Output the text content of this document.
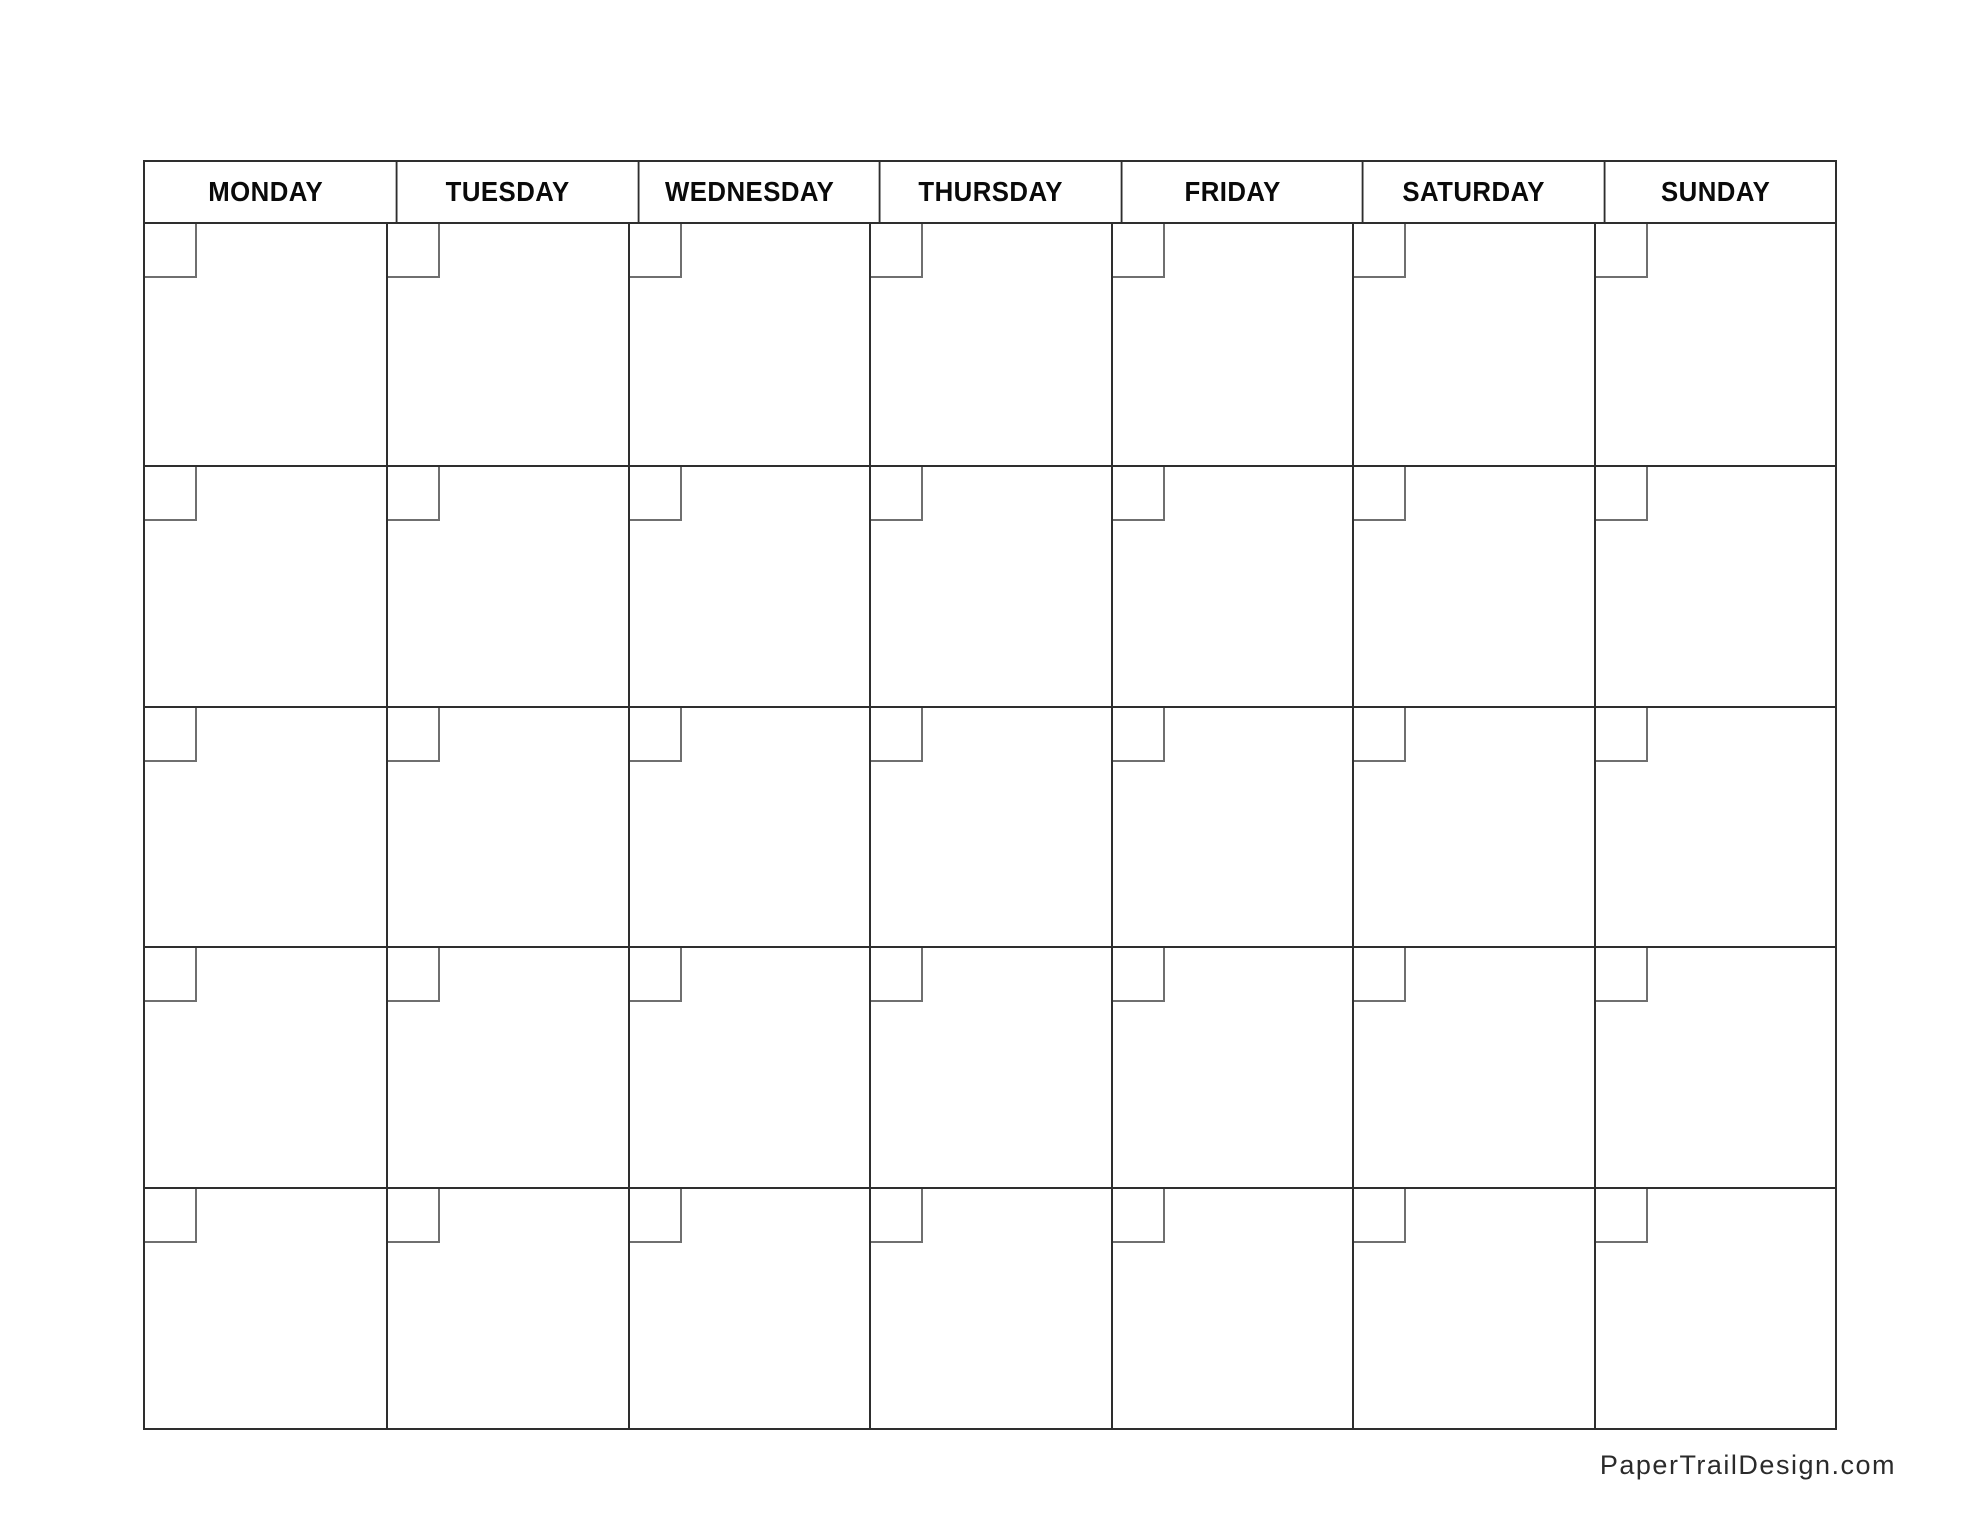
MONDAY	TUESDAY	WEDNESDAY	THURSDAY	FRIDAY	SATURDAY	SUNDAY
PaperTrailDesign.com
